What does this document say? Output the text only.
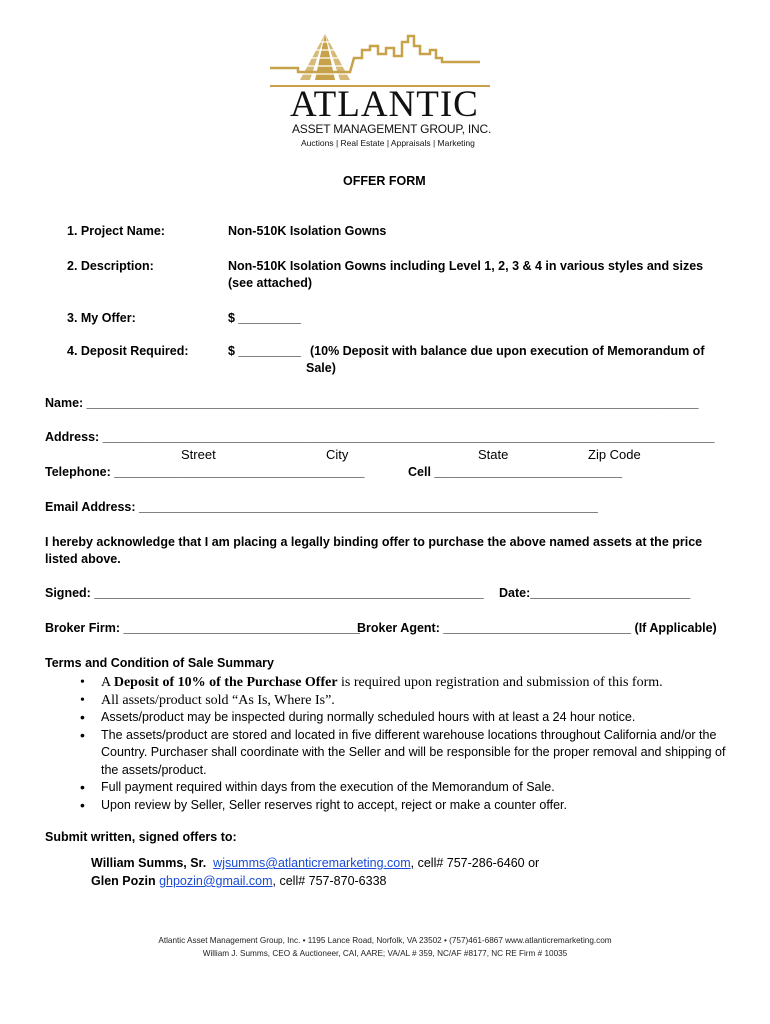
ATLANTIC
ASSET MANAGEMENT GROUP, INC.
Auctions | Real Estate | Appraisals | Marketing
OFFER FORM
1. Project Name:	Non-510K Isolation Gowns
2. Description:	Non-510K Isolation Gowns including Level 1, 2, 3 & 4 in various styles and sizes (see attached)
3. My Offer:	$ _________
4. Deposit Required:	$ _________ (10% Deposit with balance due upon execution of Memorandum of Sale)
Name: ________________________________________________________________________________________
Address: ________________________________________________________________________________________
Street	City	State	Zip Code
Telephone: ____________________________________	Cell ___________________________
Email Address: __________________________________________________________________
I hereby acknowledge that I am placing a legally binding offer to purchase the above named assets at the price listed above.
Signed: ________________________________________________________ Date:_______________________
Broker Firm: __________________________________
Broker Agent: ___________________________ (If Applicable)
Terms and Condition of Sale Summary
• A Deposit of 10% of the Purchase Offer is required upon registration and submission of this form.
• All assets/product sold “As Is, Where Is”.
• Assets/product may be inspected during normally scheduled hours with at least a 24 hour notice.
• The assets/product are stored and located in five different warehouse locations throughout California and/or the Country. Purchaser shall coordinate with the Seller and will be responsible for the proper removal and shipping of the assets/product.
• Full payment required within days from the execution of the Memorandum of Sale.
• Upon review by Seller, Seller reserves right to accept, reject or make a counter offer.
Submit written, signed offers to:
William Summs, Sr. wjsumms@atlanticremarketing.com, cell# 757-286-6460 or
Glen Pozin ghpozin@gmail.com, cell# 757-870-6338
Atlantic Asset Management Group, Inc. • 1195 Lance Road, Norfolk, VA 23502 • (757)461-6867 www.atlanticremarketing.com
William J. Summs, CEO & Auctioneer, CAI, AARE; VA/AL # 359, NC/AF #8177, NC RE Firm # 10035
